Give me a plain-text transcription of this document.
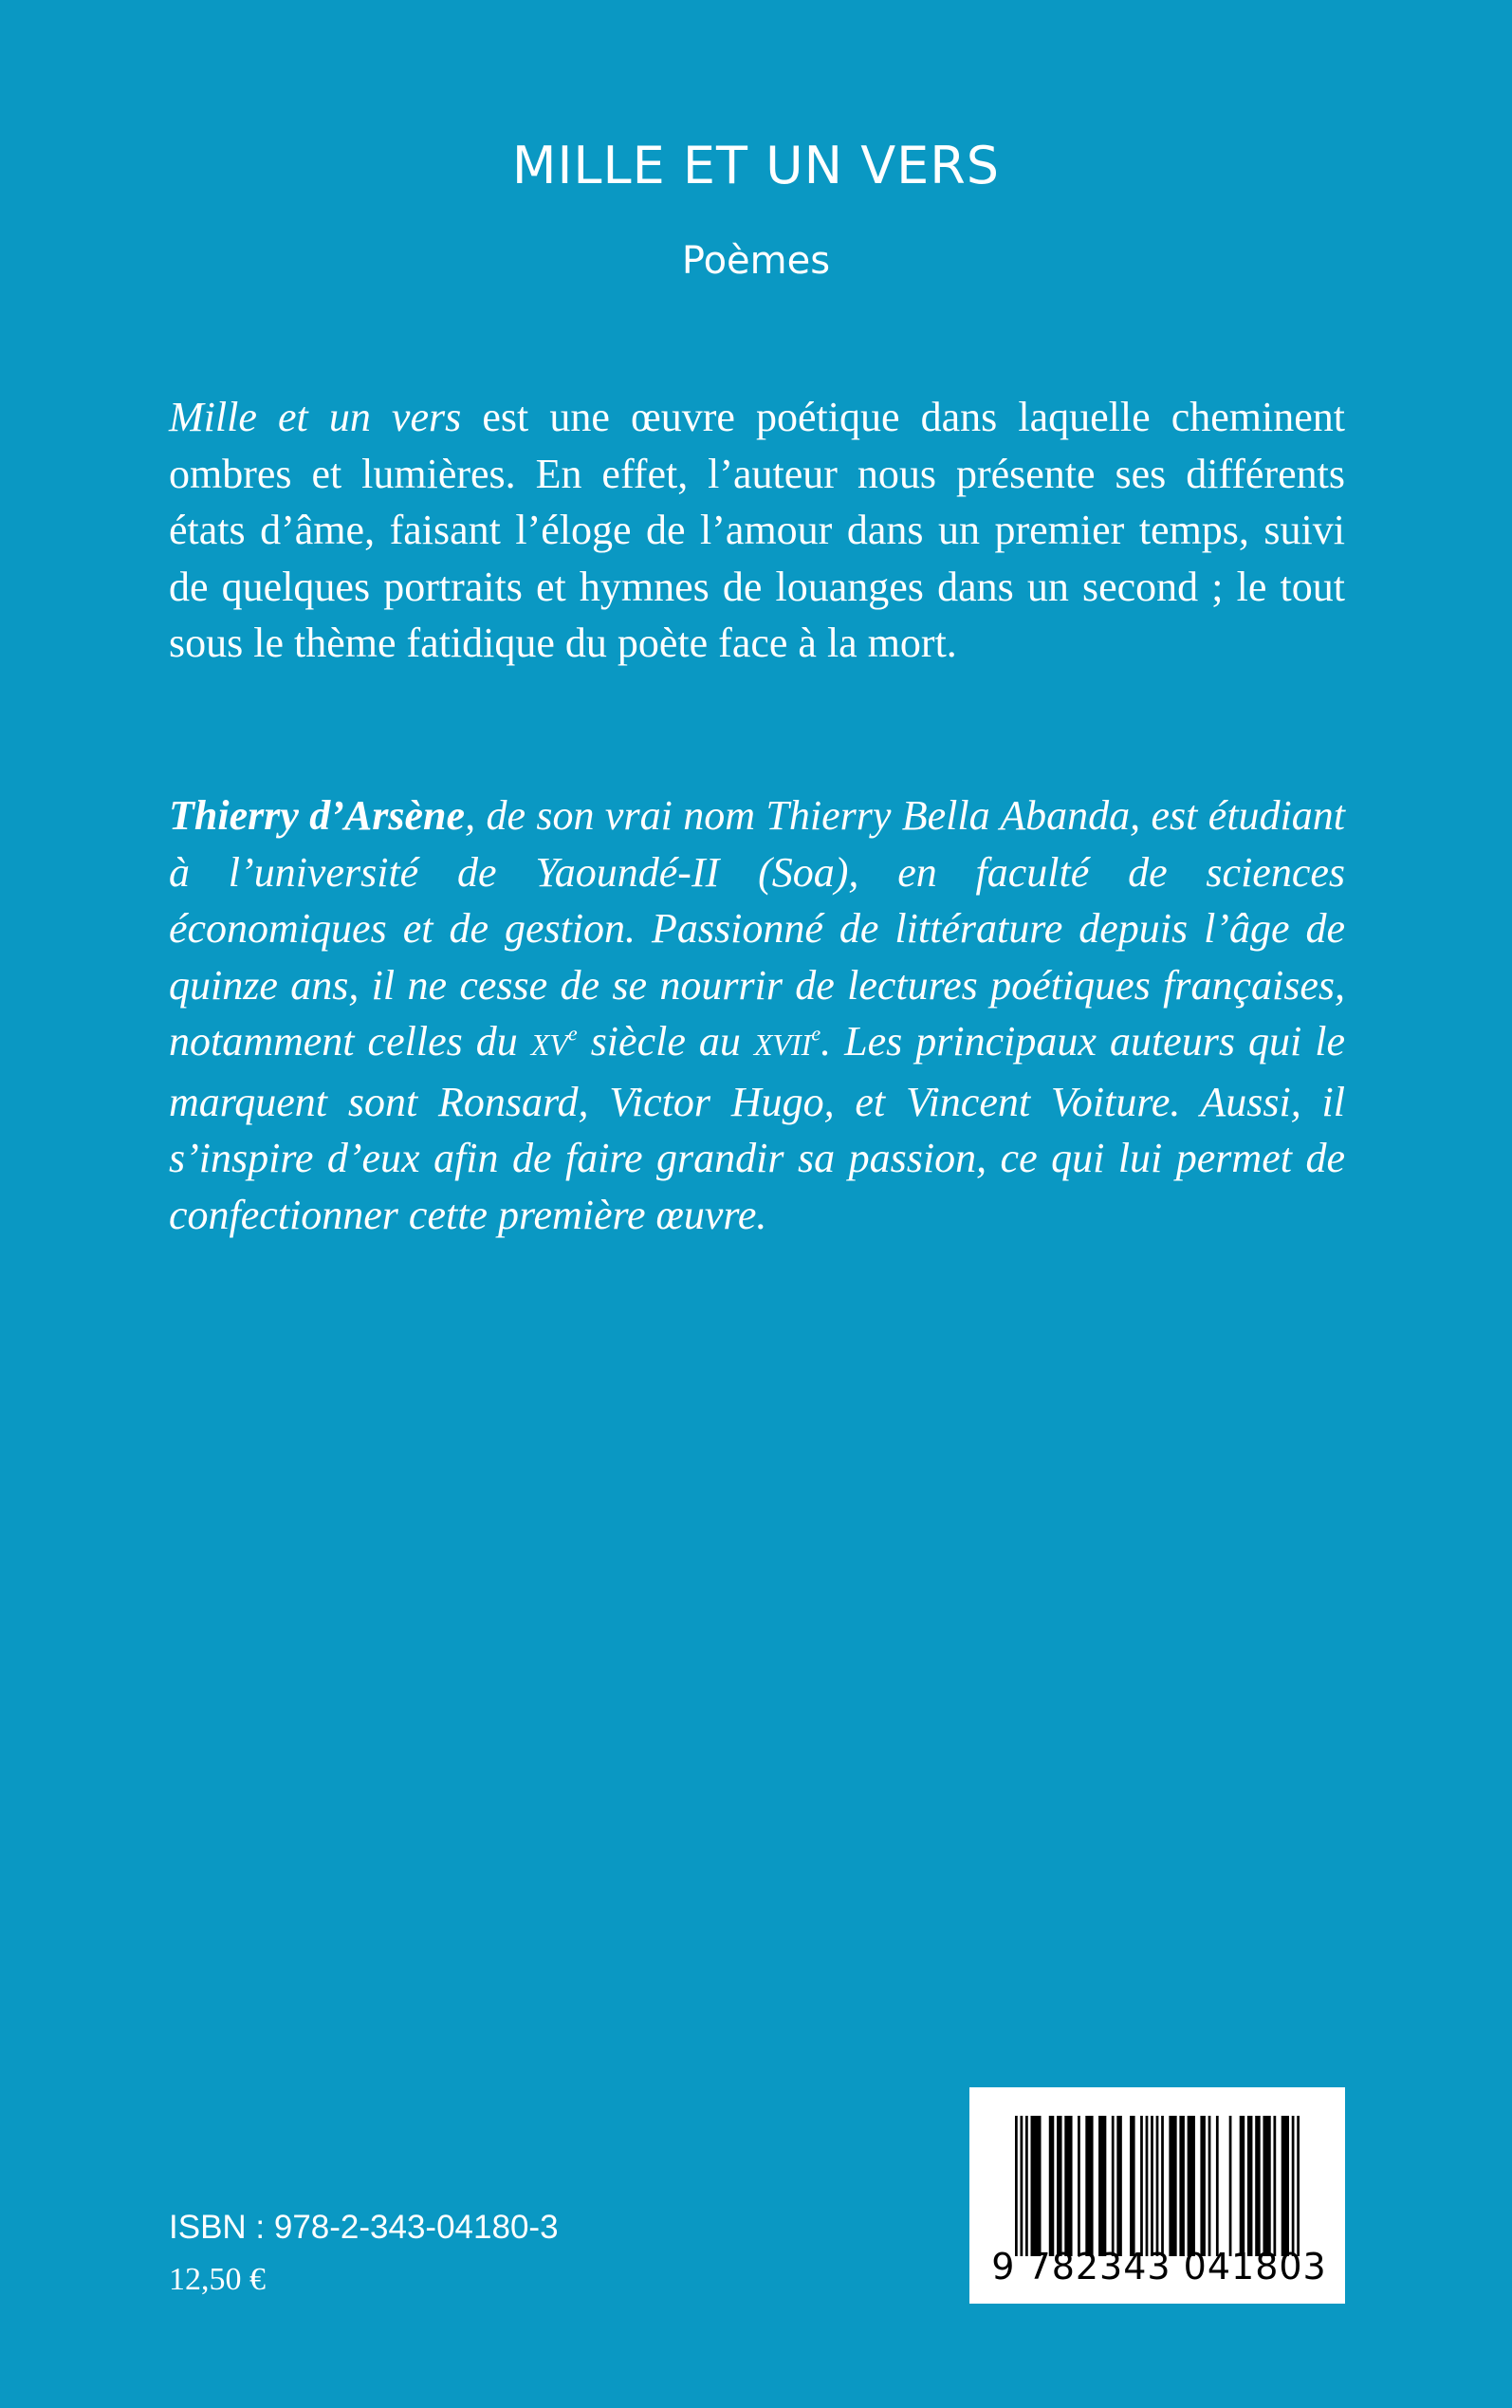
MILLE ET UN VERS
Poèmes

Mille et un vers est une œuvre poétique dans laquelle cheminent ombres et lumières. En effet, l’auteur nous présente ses différents états d’âme, faisant l’éloge de l’amour dans un premier temps, suivi de quelques portraits et hymnes de louanges dans un second ; le tout sous le thème fatidique du poète face à la mort.

Thierry d’Arsène, de son vrai nom Thierry Bella Abanda, est étudiant à l’université de Yaoundé-II (Soa), en faculté de sciences économiques et de gestion. Passionné de littérature depuis l’âge de quinze ans, il ne cesse de se nourrir de lectures poétiques françaises, notamment celles du XVe siècle au XVIIe. Les principaux auteurs qui le marquent sont Ronsard, Victor Hugo, et Vincent Voiture. Aussi, il s’inspire d’eux afin de faire grandir sa passion, ce qui lui permet de confectionner cette première œuvre.

ISBN : 978-2-343-04180-3
12,50 €	9 782343 041803
